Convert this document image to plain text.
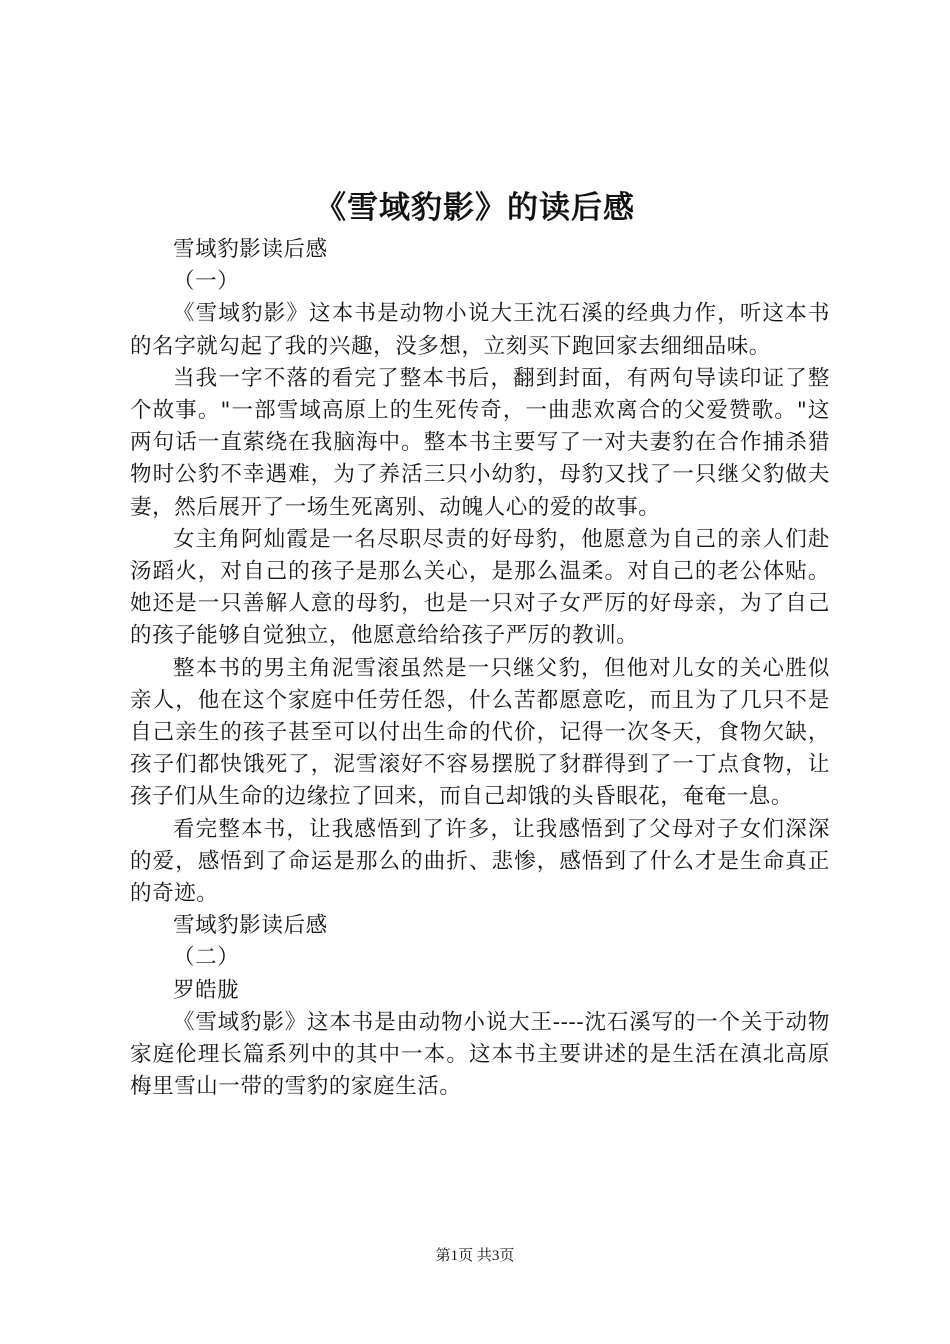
《雪域豹影》的读后感

雪域豹影读后感

（一）

《雪域豹影》这本书是动物小说大王沈石溪的经典力作，听这本书的名字就勾起了我的兴趣，没多想，立刻买下跑回家去细细品味。

当我一字不落的看完了整本书后，翻到封面，有两句导读印证了整个故事。"一部雪域高原上的生死传奇，一曲悲欢离合的父爱赞歌。"这两句话一直萦绕在我脑海中。整本书主要写了一对夫妻豹在合作捕杀猎物时公豹不幸遇难，为了养活三只小幼豹，母豹又找了一只继父豹做夫妻，然后展开了一场生死离别、动魄人心的爱的故事。

女主角阿灿霞是一名尽职尽责的好母豹，他愿意为自己的亲人们赴汤蹈火，对自己的孩子是那么关心，是那么温柔。对自己的老公体贴。她还是一只善解人意的母豹，也是一只对子女严厉的好母亲，为了自己的孩子能够自觉独立，他愿意给给孩子严厉的教训。

整本书的男主角泥雪滚虽然是一只继父豹，但他对儿女的关心胜似亲人，他在这个家庭中任劳任怨，什么苦都愿意吃，而且为了几只不是自己亲生的孩子甚至可以付出生命的代价，记得一次冬天，食物欠缺，孩子们都快饿死了，泥雪滚好不容易摆脱了豺群得到了一丁点食物，让孩子们从生命的边缘拉了回来，而自己却饿的头昏眼花，奄奄一息。

看完整本书，让我感悟到了许多，让我感悟到了父母对子女们深深的爱，感悟到了命运是那么的曲折、悲惨，感悟到了什么才是生命真正的奇迹。

雪域豹影读后感

（二）

罗皓胧

《雪域豹影》这本书是由动物小说大王----沈石溪写的一个关于动物家庭伦理长篇系列中的其中一本。这本书主要讲述的是生活在滇北高原梅里雪山一带的雪豹的家庭生活。

第1页 共3页
